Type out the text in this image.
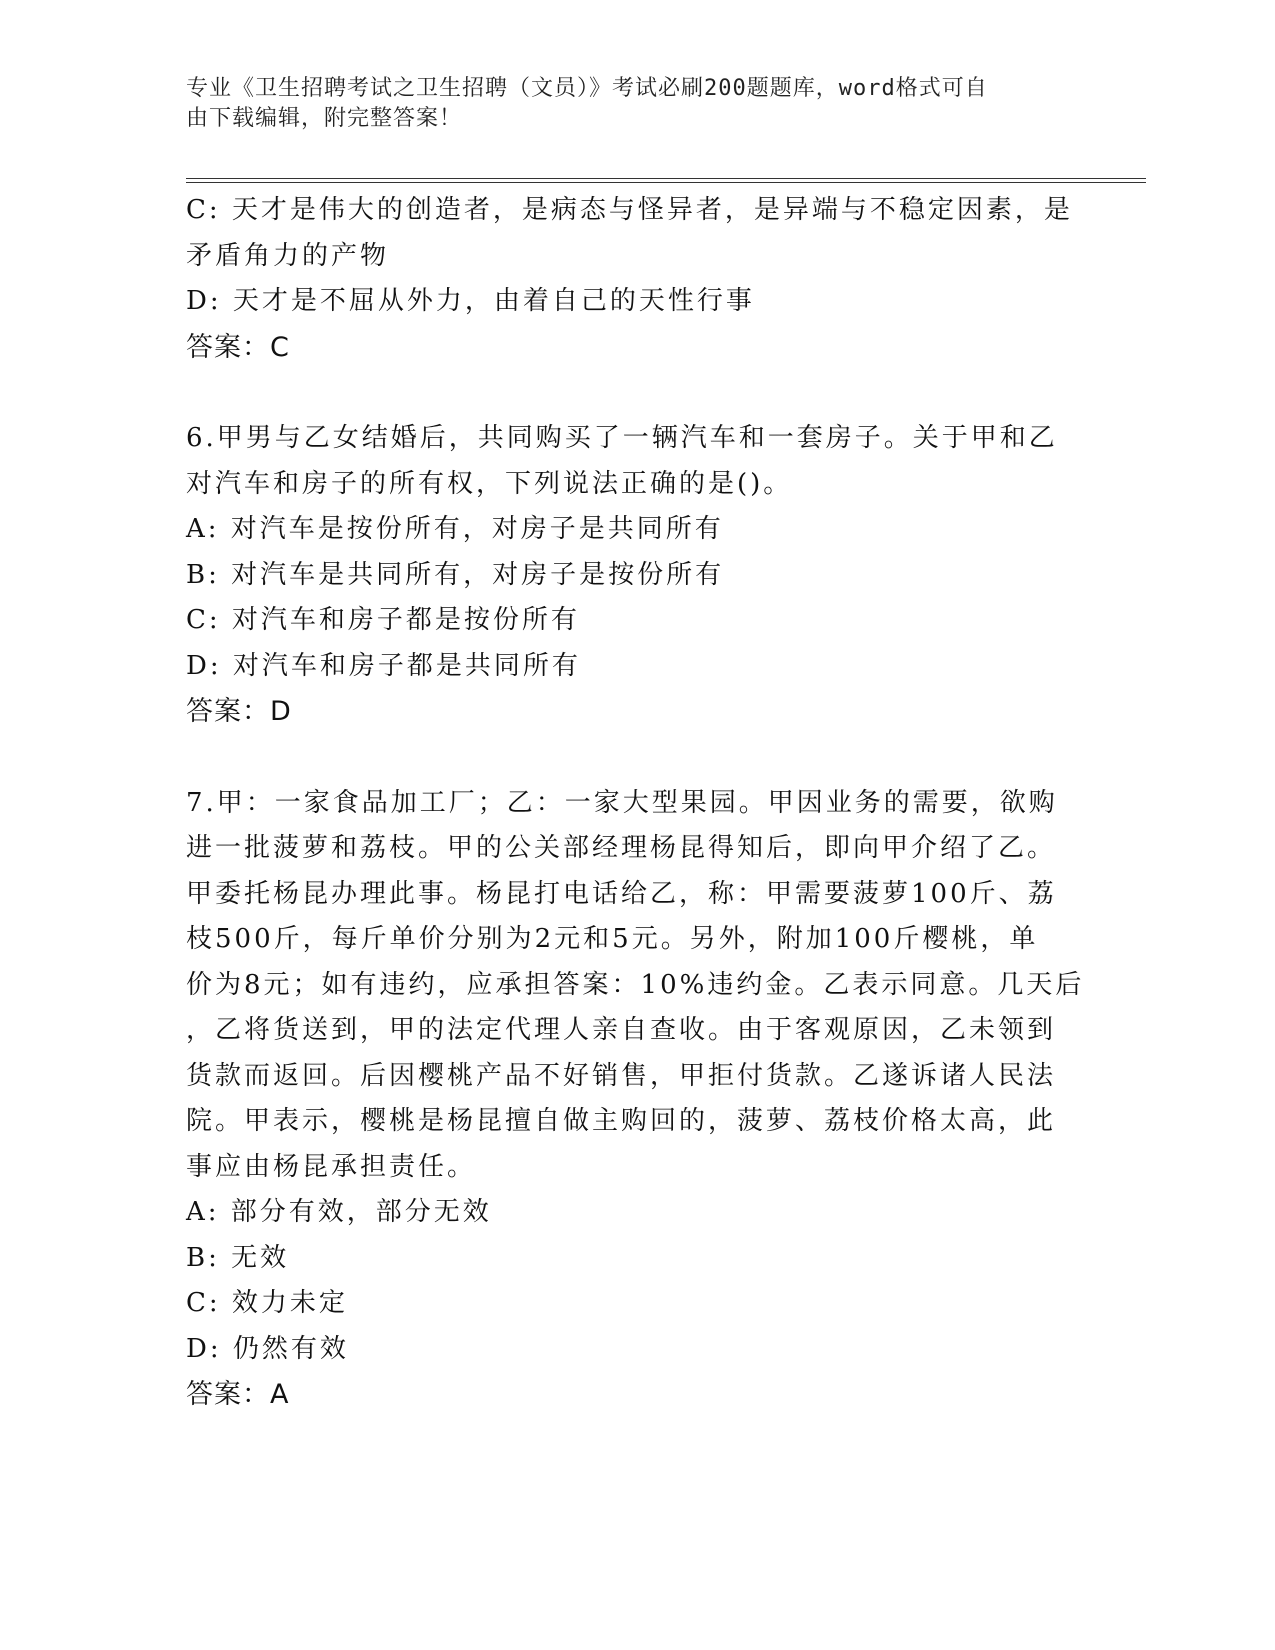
专业《卫生招聘考试之卫生招聘（文员）》考试必刷200题题库，word格式可自
由下载编辑，附完整答案！
C: 天才是伟大的创造者，是病态与怪异者，是异端与不稳定因素，是
矛盾角力的产物
D: 天才是不屈从外力，由着自己的天性行事
答案：C
6.甲男与乙女结婚后，共同购买了一辆汽车和一套房子。关于甲和乙
对汽车和房子的所有权，下列说法正确的是()。
A: 对汽车是按份所有，对房子是共同所有
B: 对汽车是共同所有，对房子是按份所有
C: 对汽车和房子都是按份所有
D: 对汽车和房子都是共同所有
答案：D
7.甲：一家食品加工厂；乙：一家大型果园。甲因业务的需要，欲购
进一批菠萝和荔枝。甲的公关部经理杨昆得知后，即向甲介绍了乙。
甲委托杨昆办理此事。杨昆打电话给乙，称：甲需要菠萝100斤、荔
枝500斤，每斤单价分别为2元和5元。另外，附加100斤樱桃，单
价为8元；如有违约，应承担答案：10%违约金。乙表示同意。几天后
，乙将货送到，甲的法定代理人亲自查收。由于客观原因，乙未领到
货款而返回。后因樱桃产品不好销售，甲拒付货款。乙遂诉诸人民法
院。甲表示，樱桃是杨昆擅自做主购回的，菠萝、荔枝价格太高，此
事应由杨昆承担责任。
A: 部分有效，部分无效
B: 无效
C: 效力未定
D: 仍然有效
答案：A
